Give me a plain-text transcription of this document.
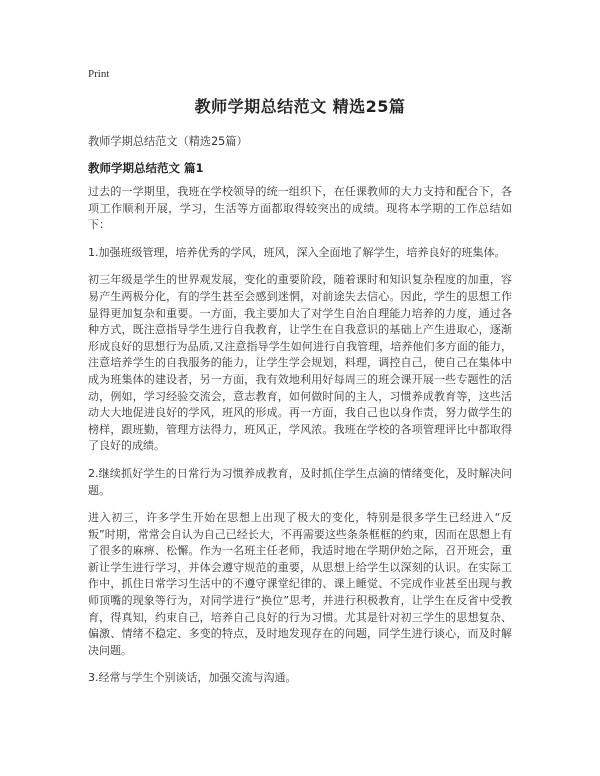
Print
教师学期总结范文 精选25篇

教师学期总结范文（精选25篇）

教师学期总结范文 篇1

过去的一学期里，我班在学校领导的统一组织下，在任课教师的大力支持和配合下，各项工作顺利开展，学习，生活等方面都取得较突出的成绩。现将本学期的工作总结如下：

1.加强班级管理，培养优秀的学风，班风，深入全面地了解学生，培养良好的班集体。

初三年级是学生的世界观发展，变化的重要阶段，随着课时和知识复杂程度的加重，容易产生两极分化，有的学生甚至会感到迷惘，对前途失去信心。因此，学生的思想工作显得更加复杂和重要。一方面，我主要加大了对学生自治自理能力培养的力度，通过各种方式，既注意指导学生进行自我教育，让学生在自我意识的基础上产生进取心，逐渐形成良好的思想行为品质,又注意指导学生如何进行自我管理，培养他们多方面的能力，注意培养学生的自我服务的能力，让学生学会规划，料理，调控自己，使自己在集体中成为班集体的建设者，另一方面，我有效地利用好每周三的班会课开展一些专题性的活动，例如，学习经验交流会，意志教育，如何做时间的主人，习惯养成教育等，这些活动大大地促进良好的学风，班风的形成。再一方面，我自己也以身作责，努力做学生的榜样，跟班勤，管理方法得力，班风正，学风浓。我班在学校的各项管理评比中都取得了良好的成绩。

2.继续抓好学生的日常行为习惯养成教育，及时抓住学生点滴的情绪变化，及时解决问题。

进入初三，许多学生开始在思想上出现了极大的变化，特别是很多学生已经进入“反叛”时期，常常会自认为自己已经长大，不再需要这些条条框框的约束，因而在思想上有了很多的麻痹、松懈。作为一名班主任老师，我适时地在学期伊始之际，召开班会，重新让学生进行学习，并体会遵守规范的重要，从思想上给学生以深刻的认识。在实际工作中，抓住日常学习生活中的不遵守课堂纪律的、课上睡觉、不完成作业甚至出现与教师顶嘴的现象等行为，对同学进行“换位”思考，并进行积极教育，让学生在反省中受教育，得真知，约束自己，培养自己良好的行为习惯。尤其是针对初三学生的思想复杂、偏激、情绪不稳定、多变的特点，及时地发现存在的问题，同学生进行谈心，而及时解决问题。

3.经常与学生个别谈话，加强交流与沟通。
